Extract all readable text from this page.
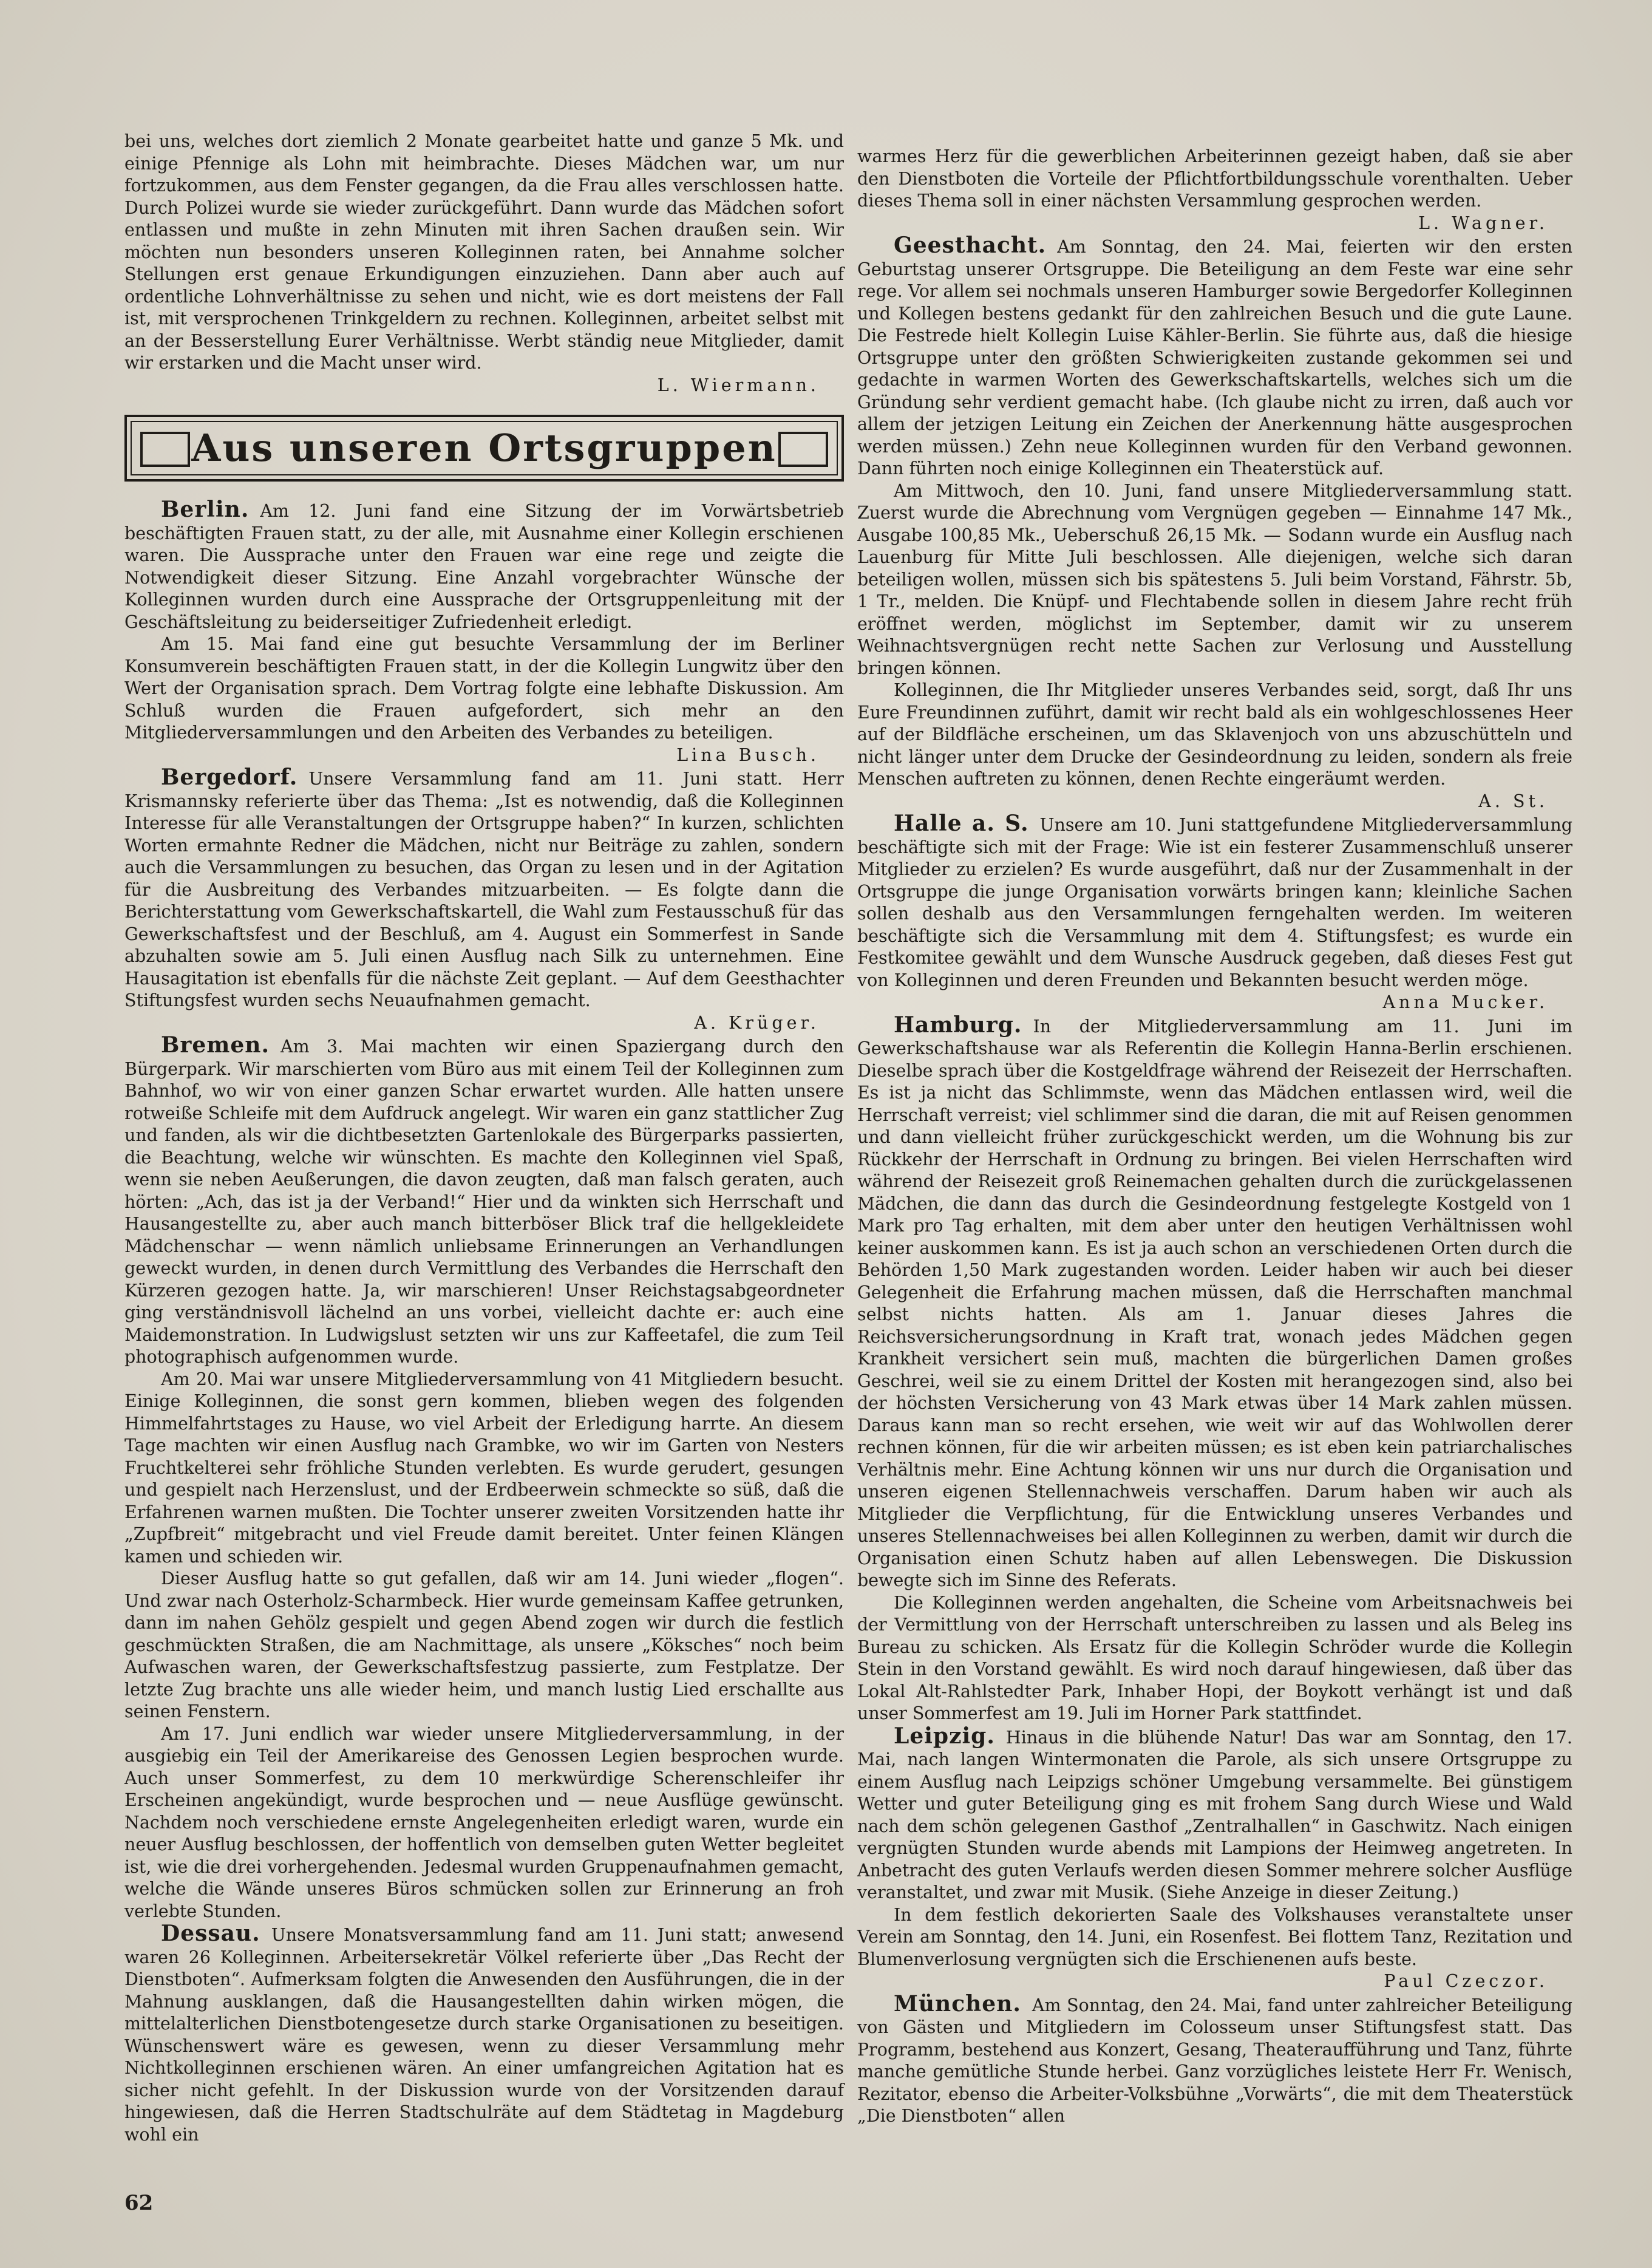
bei uns, welches dort ziemlich 2 Monate gearbeitet hatte und ganze 5 Mk. und einige Pfennige als Lohn mit heimbrachte. Dieses Mädchen war, um nur fortzukommen, aus dem Fenster gegangen, da die Frau alles verschlossen hatte. Durch Polizei wurde sie wieder zurückgeführt. Dann wurde das Mädchen sofort entlassen und mußte in zehn Minuten mit ihren Sachen draußen sein. Wir möchten nun besonders unseren Kolleginnen raten, bei Annahme solcher Stellungen erst genaue Erkundigungen einzuziehen. Dann aber auch auf ordentliche Lohnverhältnisse zu sehen und nicht, wie es dort meistens der Fall ist, mit versprochenen Trinkgeldern zu rechnen. Kolleginnen, arbeitet selbst mit an der Besserstellung Eurer Verhältnisse. Werbt ständig neue Mitglieder, damit wir erstarken und die Macht unser wird.

L. Wiermann.

Aus unseren Ortsgruppen

Berlin. Am 12. Juni fand eine Sitzung der im Vorwärtsbetrieb beschäftigten Frauen statt, zu der alle, mit Ausnahme einer Kollegin erschienen waren. Die Aussprache unter den Frauen war eine rege und zeigte die Notwendigkeit dieser Sitzung. Eine Anzahl vorgebrachter Wünsche der Kolleginnen wurden durch eine Aussprache der Ortsgruppenleitung mit der Geschäftsleitung zu beiderseitiger Zufriedenheit erledigt.

Am 15. Mai fand eine gut besuchte Versammlung der im Berliner Konsumverein beschäftigten Frauen statt, in der die Kollegin Lungwitz über den Wert der Organisation sprach. Dem Vortrag folgte eine lebhafte Diskussion. Am Schluß wurden die Frauen aufgefordert, sich mehr an den Mitgliederversammlungen und den Arbeiten des Verbandes zu beteiligen.

Lina Busch.

Bergedorf. Unsere Versammlung fand am 11. Juni statt. Herr Krismannsky referierte über das Thema: „Ist es notwendig, daß die Kolleginnen Interesse für alle Veranstaltungen der Ortsgruppe haben?“ In kurzen, schlichten Worten ermahnte Redner die Mädchen, nicht nur Beiträge zu zahlen, sondern auch die Versammlungen zu besuchen, das Organ zu lesen und in der Agitation für die Ausbreitung des Verbandes mitzuarbeiten. — Es folgte dann die Berichterstattung vom Gewerkschaftskartell, die Wahl zum Festausschuß für das Gewerkschaftsfest und der Beschluß, am 4. August ein Sommerfest in Sande abzuhalten sowie am 5. Juli einen Ausflug nach Silk zu unternehmen. Eine Hausagitation ist ebenfalls für die nächste Zeit geplant. — Auf dem Geesthachter Stiftungsfest wurden sechs Neuaufnahmen gemacht.

A. Krüger.

Bremen. Am 3. Mai machten wir einen Spaziergang durch den Bürgerpark. Wir marschierten vom Büro aus mit einem Teil der Kolleginnen zum Bahnhof, wo wir von einer ganzen Schar erwartet wurden. Alle hatten unsere rotweiße Schleife mit dem Aufdruck angelegt. Wir waren ein ganz stattlicher Zug und fanden, als wir die dichtbesetzten Gartenlokale des Bürgerparks passierten, die Beachtung, welche wir wünschten. Es machte den Kolleginnen viel Spaß, wenn sie neben Aeußerungen, die davon zeugten, daß man falsch geraten, auch hörten: „Ach, das ist ja der Verband!“ Hier und da winkten sich Herrschaft und Hausangestellte zu, aber auch manch bitterböser Blick traf die hellgekleidete Mädchenschar — wenn nämlich unliebsame Erinnerungen an Verhandlungen geweckt wurden, in denen durch Vermittlung des Verbandes die Herrschaft den Kürzeren gezogen hatte. Ja, wir marschieren! Unser Reichstagsabgeordneter ging verständnisvoll lächelnd an uns vorbei, vielleicht dachte er: auch eine Maidemonstration. In Ludwigslust setzten wir uns zur Kaffeetafel, die zum Teil photographisch aufgenommen wurde.

Am 20. Mai war unsere Mitgliederversammlung von 41 Mitgliedern besucht. Einige Kolleginnen, die sonst gern kommen, blieben wegen des folgenden Himmelfahrtstages zu Hause, wo viel Arbeit der Erledigung harrte. An diesem Tage machten wir einen Ausflug nach Grambke, wo wir im Garten von Nesters Fruchtkelterei sehr fröhliche Stunden verlebten. Es wurde gerudert, gesungen und gespielt nach Herzenslust, und der Erdbeerwein schmeckte so süß, daß die Erfahrenen warnen mußten. Die Tochter unserer zweiten Vorsitzenden hatte ihr „Zupfbreit“ mitgebracht und viel Freude damit bereitet. Unter feinen Klängen kamen und schieden wir.

Dieser Ausflug hatte so gut gefallen, daß wir am 14. Juni wieder „flogen“. Und zwar nach Osterholz-Scharmbeck. Hier wurde gemeinsam Kaffee getrunken, dann im nahen Gehölz gespielt und gegen Abend zogen wir durch die festlich geschmückten Straßen, die am Nachmittage, als unsere „Köksches“ noch beim Aufwaschen waren, der Gewerkschaftsfestzug passierte, zum Festplatze. Der letzte Zug brachte uns alle wieder heim, und manch lustig Lied erschallte aus seinen Fenstern.

Am 17. Juni endlich war wieder unsere Mitgliederversammlung, in der ausgiebig ein Teil der Amerikareise des Genossen Legien besprochen wurde. Auch unser Sommerfest, zu dem 10 merkwürdige Scherenschleifer ihr Erscheinen angekündigt, wurde besprochen und — neue Ausflüge gewünscht. Nachdem noch verschiedene ernste Angelegenheiten erledigt waren, wurde ein neuer Ausflug beschlossen, der hoffentlich von demselben guten Wetter begleitet ist, wie die drei vorhergehenden. Jedesmal wurden Gruppenaufnahmen gemacht, welche die Wände unseres Büros schmücken sollen zur Erinnerung an froh verlebte Stunden.

Dessau. Unsere Monatsversammlung fand am 11. Juni statt; anwesend waren 26 Kolleginnen. Arbeitersekretär Völkel referierte über „Das Recht der Dienstboten“. Aufmerksam folgten die Anwesenden den Ausführungen, die in der Mahnung ausklangen, daß die Hausangestellten dahin wirken mögen, die mittelalterlichen Dienstbotengesetze durch starke Organisationen zu beseitigen. Wünschenswert wäre es gewesen, wenn zu dieser Versammlung mehr Nichtkolleginnen erschienen wären. An einer umfangreichen Agitation hat es sicher nicht gefehlt. In der Diskussion wurde von der Vorsitzenden darauf hingewiesen, daß die Herren Stadtschulräte auf dem Städtetag in Magdeburg wohl ein

warmes Herz für die gewerblichen Arbeiterinnen gezeigt haben, daß sie aber den Dienstboten die Vorteile der Pflichtfortbildungsschule vorenthalten. Ueber dieses Thema soll in einer nächsten Versammlung gesprochen werden.

L. Wagner.

Geesthacht. Am Sonntag, den 24. Mai, feierten wir den ersten Geburtstag unserer Ortsgruppe. Die Beteiligung an dem Feste war eine sehr rege. Vor allem sei nochmals unseren Hamburger sowie Bergedorfer Kolleginnen und Kollegen bestens gedankt für den zahlreichen Besuch und die gute Laune. Die Festrede hielt Kollegin Luise Kähler-Berlin. Sie führte aus, daß die hiesige Ortsgruppe unter den größten Schwierigkeiten zustande gekommen sei und gedachte in warmen Worten des Gewerkschaftskartells, welches sich um die Gründung sehr verdient gemacht habe. (Ich glaube nicht zu irren, daß auch vor allem der jetzigen Leitung ein Zeichen der Anerkennung hätte ausgesprochen werden müssen.) Zehn neue Kolleginnen wurden für den Verband gewonnen. Dann führten noch einige Kolleginnen ein Theaterstück auf.

Am Mittwoch, den 10. Juni, fand unsere Mitgliederversammlung statt. Zuerst wurde die Abrechnung vom Vergnügen gegeben — Einnahme 147 Mk., Ausgabe 100,85 Mk., Ueberschuß 26,15 Mk. — Sodann wurde ein Ausflug nach Lauenburg für Mitte Juli beschlossen. Alle diejenigen, welche sich daran beteiligen wollen, müssen sich bis spätestens 5. Juli beim Vorstand, Fährstr. 5b, 1 Tr., melden. Die Knüpf- und Flechtabende sollen in diesem Jahre recht früh eröffnet werden, möglichst im September, damit wir zu unserem Weihnachtsvergnügen recht nette Sachen zur Verlosung und Ausstellung bringen können.

Kolleginnen, die Ihr Mitglieder unseres Verbandes seid, sorgt, daß Ihr uns Eure Freundinnen zuführt, damit wir recht bald als ein wohlgeschlossenes Heer auf der Bildfläche erscheinen, um das Sklavenjoch von uns abzuschütteln und nicht länger unter dem Drucke der Gesindeordnung zu leiden, sondern als freie Menschen auftreten zu können, denen Rechte eingeräumt werden.

A. St.

Halle a. S. Unsere am 10. Juni stattgefundene Mitgliederversammlung beschäftigte sich mit der Frage: Wie ist ein festerer Zusammenschluß unserer Mitglieder zu erzielen? Es wurde ausgeführt, daß nur der Zusammenhalt in der Ortsgruppe die junge Organisation vorwärts bringen kann; kleinliche Sachen sollen deshalb aus den Versammlungen ferngehalten werden. Im weiteren beschäftigte sich die Versammlung mit dem 4. Stiftungsfest; es wurde ein Festkomitee gewählt und dem Wunsche Ausdruck gegeben, daß dieses Fest gut von Kolleginnen und deren Freunden und Bekannten besucht werden möge.

Anna Mucker.

Hamburg. In der Mitgliederversammlung am 11. Juni im Gewerkschaftshause war als Referentin die Kollegin Hanna-Berlin erschienen. Dieselbe sprach über die Kostgeldfrage während der Reisezeit der Herrschaften. Es ist ja nicht das Schlimmste, wenn das Mädchen entlassen wird, weil die Herrschaft verreist; viel schlimmer sind die daran, die mit auf Reisen genommen und dann vielleicht früher zurückgeschickt werden, um die Wohnung bis zur Rückkehr der Herrschaft in Ordnung zu bringen. Bei vielen Herrschaften wird während der Reisezeit groß Reinemachen gehalten durch die zurückgelassenen Mädchen, die dann das durch die Gesindeordnung festgelegte Kostgeld von 1 Mark pro Tag erhalten, mit dem aber unter den heutigen Verhältnissen wohl keiner auskommen kann. Es ist ja auch schon an verschiedenen Orten durch die Behörden 1,50 Mark zugestanden worden. Leider haben wir auch bei dieser Gelegenheit die Erfahrung machen müssen, daß die Herrschaften manchmal selbst nichts hatten. Als am 1. Januar dieses Jahres die Reichsversicherungsordnung in Kraft trat, wonach jedes Mädchen gegen Krankheit versichert sein muß, machten die bürgerlichen Damen großes Geschrei, weil sie zu einem Drittel der Kosten mit herangezogen sind, also bei der höchsten Versicherung von 43 Mark etwas über 14 Mark zahlen müssen. Daraus kann man so recht ersehen, wie weit wir auf das Wohlwollen derer rechnen können, für die wir arbeiten müssen; es ist eben kein patriarchalisches Verhältnis mehr. Eine Achtung können wir uns nur durch die Organisation und unseren eigenen Stellennachweis verschaffen. Darum haben wir auch als Mitglieder die Verpflichtung, für die Entwicklung unseres Verbandes und unseres Stellennachweises bei allen Kolleginnen zu werben, damit wir durch die Organisation einen Schutz haben auf allen Lebenswegen. Die Diskussion bewegte sich im Sinne des Referats.

Die Kolleginnen werden angehalten, die Scheine vom Arbeitsnachweis bei der Vermittlung von der Herrschaft unterschreiben zu lassen und als Beleg ins Bureau zu schicken. Als Ersatz für die Kollegin Schröder wurde die Kollegin Stein in den Vorstand gewählt. Es wird noch darauf hingewiesen, daß über das Lokal Alt-Rahlstedter Park, Inhaber Hopi, der Boykott verhängt ist und daß unser Sommerfest am 19. Juli im Horner Park stattfindet.

Leipzig. Hinaus in die blühende Natur! Das war am Sonntag, den 17. Mai, nach langen Wintermonaten die Parole, als sich unsere Ortsgruppe zu einem Ausflug nach Leipzigs schöner Umgebung versammelte. Bei günstigem Wetter und guter Beteiligung ging es mit frohem Sang durch Wiese und Wald nach dem schön gelegenen Gasthof „Zentralhallen“ in Gaschwitz. Nach einigen vergnügten Stunden wurde abends mit Lampions der Heimweg angetreten. In Anbetracht des guten Verlaufs werden diesen Sommer mehrere solcher Ausflüge veranstaltet, und zwar mit Musik. (Siehe Anzeige in dieser Zeitung.)

In dem festlich dekorierten Saale des Volkshauses veranstaltete unser Verein am Sonntag, den 14. Juni, ein Rosenfest. Bei flottem Tanz, Rezitation und Blumenverlosung vergnügten sich die Erschienenen aufs beste.

Paul Czeczor.

München. Am Sonntag, den 24. Mai, fand unter zahlreicher Beteiligung von Gästen und Mitgliedern im Colosseum unser Stiftungsfest statt. Das Programm, bestehend aus Konzert, Gesang, Theateraufführung und Tanz, führte manche gemütliche Stunde herbei. Ganz vorzügliches leistete Herr Fr. Wenisch, Rezitator, ebenso die Arbeiter-Volksbühne „Vorwärts“, die mit dem Theaterstück „Die Dienstboten“ allen

62
